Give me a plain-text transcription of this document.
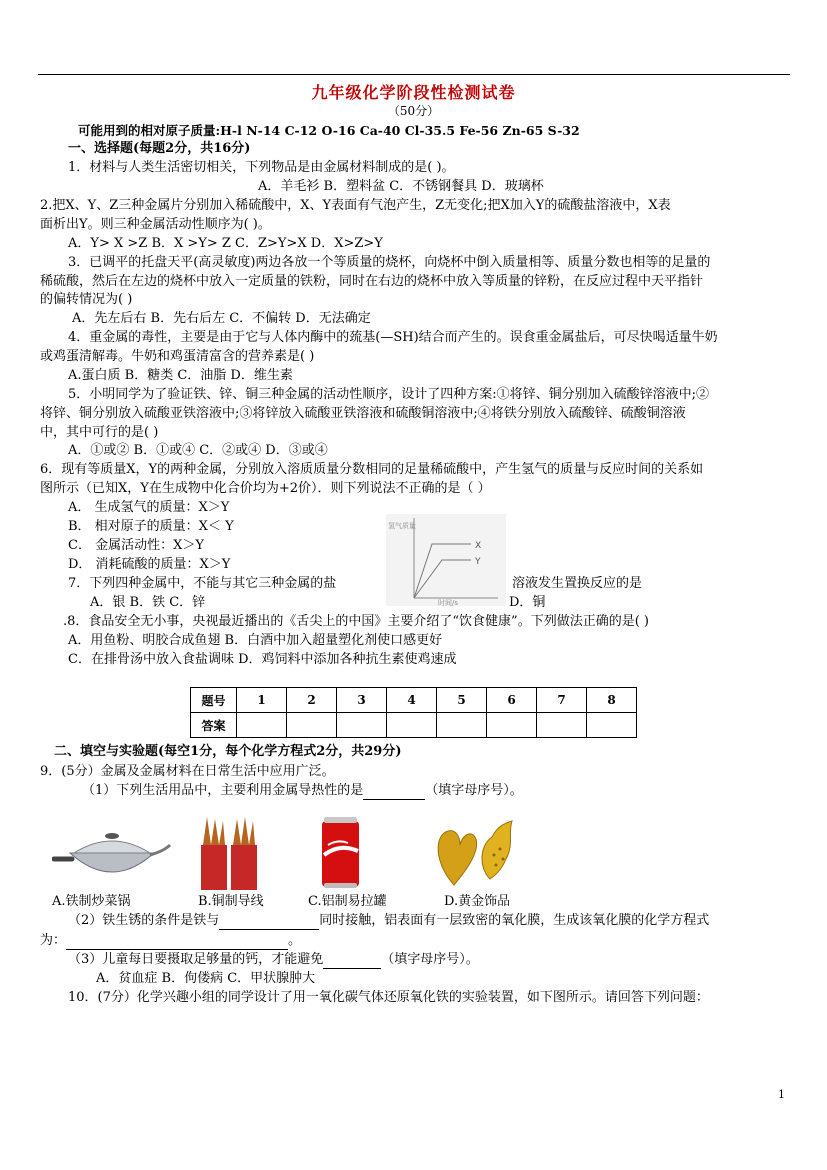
九年级化学阶段性检测试卷
（50分）
可能用到的相对原子质量:H-l N-14 C-12 O-16 Ca-40 Cl-35.5 Fe-56 Zn-65 S-32
一、选择题(每题2分，共16分)
1．材料与人类生活密切相关，下列物品是由金属材料制成的是( )。
A．羊毛衫 B．塑料盆 C．不锈钢餐具 D．玻璃杯
2.把X、Y、Z三种金属片分别加入稀硫酸中，X、Y表面有气泡产生，Z无变化;把X加入Y的硫酸盐溶液中，X表
面析出Y。则三种金属活动性顺序为( )。
A．Y> X >Z B．X >Y> Z C．Z>Y>X D．X>Z>Y
3．已调平的托盘天平(高灵敏度)两边各放一个等质量的烧杯，向烧杯中倒入质量相等、质量分数也相等的足量的
稀硫酸，然后在左边的烧杯中放入一定质量的铁粉，同时在右边的烧杯中放入等质量的锌粉，在反应过程中天平指针
的偏转情况为( )
A．先左后右 B．先右后左 C．不偏转 D．无法确定
4．重金属的毒性，主要是由于它与人体内酶中的巯基(—SH)结合而产生的。误食重金属盐后，可尽快喝适量牛奶
或鸡蛋清解毒。牛奶和鸡蛋清富含的营养素是( )
A.蛋白质 B．糖类 C．油脂 D．维生素
5．小明同学为了验证铁、锌、铜三种金属的活动性顺序，设计了四种方案:①将锌、铜分别加入硫酸锌溶液中;②
将锌、铜分别放入硫酸亚铁溶液中;③将锌放入硫酸亚铁溶液和硫酸铜溶液中;④将铁分别放入硫酸锌、硫酸铜溶液
中，其中可行的是( )
A．①或② B．①或④ C．②或④ D．③或④
6．现有等质量X，Y的两种金属，分别放入溶质质量分数相同的足量稀硫酸中，产生氢气的质量与反应时间的关系如
图所示（已知X，Y在生成物中化合价均为+2价）．则下列说法不正确的是（ ）
A． 生成氢气的质量：X＞Y
B． 相对原子的质量：X＜ Y
C． 金属活动性：X＞Y
D． 消耗硫酸的质量：X＞Y
X
Y
氢气质量
时间/s
7．下列四种金属中，不能与其它三种金属的盐	溶液发生置换反应的是
A．银 B．铁 C．锌	D．铜
.8．食品安全无小事，央视最近播出的《舌尖上的中国》主要介绍了“饮食健康”。下列做法正确的是( )
A．用鱼粉、明胶合成鱼翅 B．白酒中加入超量塑化剂使口感更好
C．在排骨汤中放入食盐调味 D．鸡饲料中添加各种抗生素使鸡速成
题号	1	2	3	4	5	6	7	8
答案								
二、填空与实验题(每空1分，每个化学方程式2分，共29分)
9．(5分）金属及金属材料在日常生活中应用广泛。
（1）下列生活用品中，主要利用金属导热性的是	（填字母序号）。
A.铁制炒菜锅	B.铜制导线	C.铝制易拉罐	D.黄金饰品
（2）铁生锈的条件是铁与	同时接触，铝表面有一层致密的氧化膜，生成该氧化膜的化学方程式
为：	。
（3）儿童每日要摄取足够量的钙，才能避免	（填字母序号）。
A．贫血症 B．佝偻病 C．甲状腺肿大
10．(7分）化学兴趣小组的同学设计了用一氧化碳气体还原氧化铁的实验装置，如下图所示。请回答下列问题：
1
